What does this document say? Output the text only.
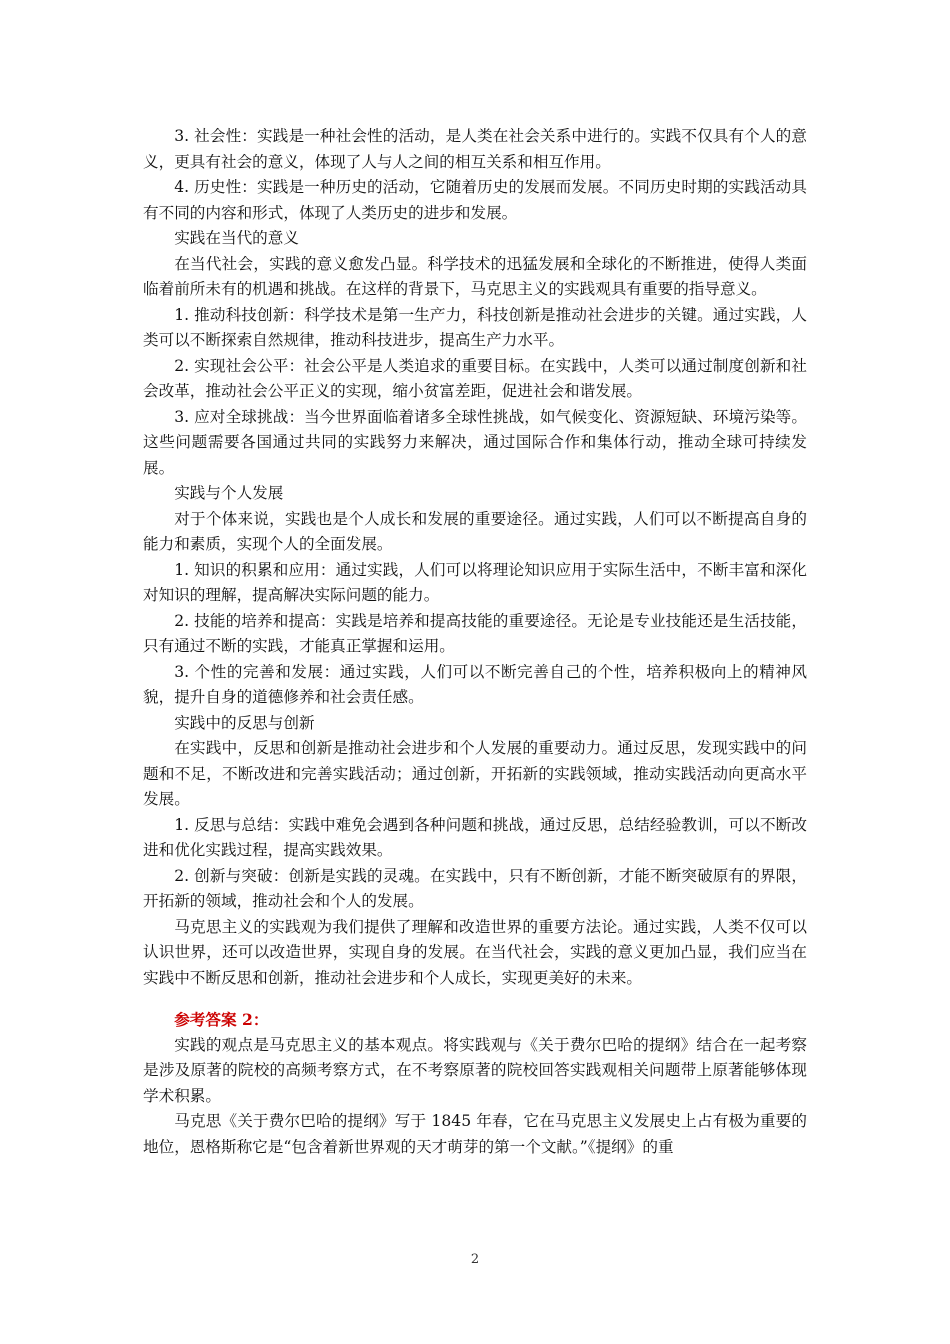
3. 社会性：实践是一种社会性的活动，是人类在社会关系中进行的。实践不仅具有个人的意义，更具有社会的意义，体现了人与人之间的相互关系和相互作用。

4. 历史性：实践是一种历史的活动，它随着历史的发展而发展。不同历史时期的实践活动具有不同的内容和形式，体现了人类历史的进步和发展。

实践在当代的意义

在当代社会，实践的意义愈发凸显。科学技术的迅猛发展和全球化的不断推进，使得人类面临着前所未有的机遇和挑战。在这样的背景下，马克思主义的实践观具有重要的指导意义。

1. 推动科技创新：科学技术是第一生产力，科技创新是推动社会进步的关键。通过实践，人类可以不断探索自然规律，推动科技进步，提高生产力水平。

2. 实现社会公平：社会公平是人类追求的重要目标。在实践中，人类可以通过制度创新和社会改革，推动社会公平正义的实现，缩小贫富差距，促进社会和谐发展。

3. 应对全球挑战：当今世界面临着诸多全球性挑战，如气候变化、资源短缺、环境污染等。这些问题需要各国通过共同的实践努力来解决，通过国际合作和集体行动，推动全球可持续发展。

实践与个人发展

对于个体来说，实践也是个人成长和发展的重要途径。通过实践，人们可以不断提高自身的能力和素质，实现个人的全面发展。

1. 知识的积累和应用：通过实践，人们可以将理论知识应用于实际生活中，不断丰富和深化对知识的理解，提高解决实际问题的能力。

2. 技能的培养和提高：实践是培养和提高技能的重要途径。无论是专业技能还是生活技能，只有通过不断的实践，才能真正掌握和运用。

3. 个性的完善和发展：通过实践，人们可以不断完善自己的个性，培养积极向上的精神风貌，提升自身的道德修养和社会责任感。

实践中的反思与创新

在实践中，反思和创新是推动社会进步和个人发展的重要动力。通过反思，发现实践中的问题和不足，不断改进和完善实践活动；通过创新，开拓新的实践领域，推动实践活动向更高水平发展。

1. 反思与总结：实践中难免会遇到各种问题和挑战，通过反思，总结经验教训，可以不断改进和优化实践过程，提高实践效果。

2. 创新与突破：创新是实践的灵魂。在实践中，只有不断创新，才能不断突破原有的界限，开拓新的领域，推动社会和个人的发展。

马克思主义的实践观为我们提供了理解和改造世界的重要方法论。通过实践，人类不仅可以认识世界，还可以改造世界，实现自身的发展。在当代社会，实践的意义更加凸显，我们应当在实践中不断反思和创新，推动社会进步和个人成长，实现更美好的未来。

参考答案 2：

实践的观点是马克思主义的基本观点。将实践观与《关于费尔巴哈的提纲》结合在一起考察是涉及原著的院校的高频考察方式，在不考察原著的院校回答实践观相关问题带上原著能够体现学术积累。

马克思《关于费尔巴哈的提纲》写于 1845 年春，它在马克思主义发展史上占有极为重要的地位，恩格斯称它是“包含着新世界观的天才萌芽的第一个文献。”《提纲》的重

2
